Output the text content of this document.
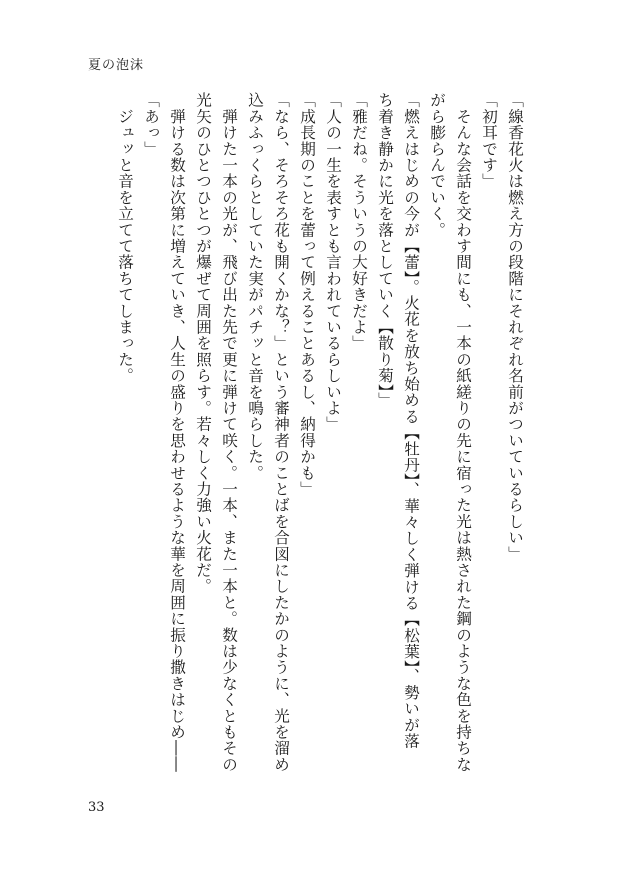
夏の泡沫

「線香花火は燃え方の段階にそれぞれ名前がついているらしい」

「初耳です」

　そんな会話を交わす間にも、一本の紙縒りの先に宿った光は熱された鋼のような色を持ちな

がら膨らんでいく。

「燃えはじめの今が【蕾】。火花を放ち始める【牡丹】、華々しく弾ける【松葉】、勢いが落

ち着き静かに光を落としていく【散り菊】」

「雅だね。そういうの大好きだよ」

「人の一生を表すとも言われているらしいよ」

「成長期のことを蕾って例えることあるし、納得かも」

「なら、そろそろ花も開くかな？」という審神者のことばを合図にしたかのように、光を溜め

込みふっくらとしていた実がパチッと音を鳴らした。

　弾けた一本の光が、飛び出た先で更に弾けて咲く。一本、また一本と。数は少なくともその

光矢のひとつひとつが爆ぜて周囲を照らす。若々しく力強い火花だ。

　弾ける数は次第に増えていき、人生の盛りを思わせるような華を周囲に振り撒きはじめ――

「あっ」

　ジュッと音を立てて落ちてしまった。

33
